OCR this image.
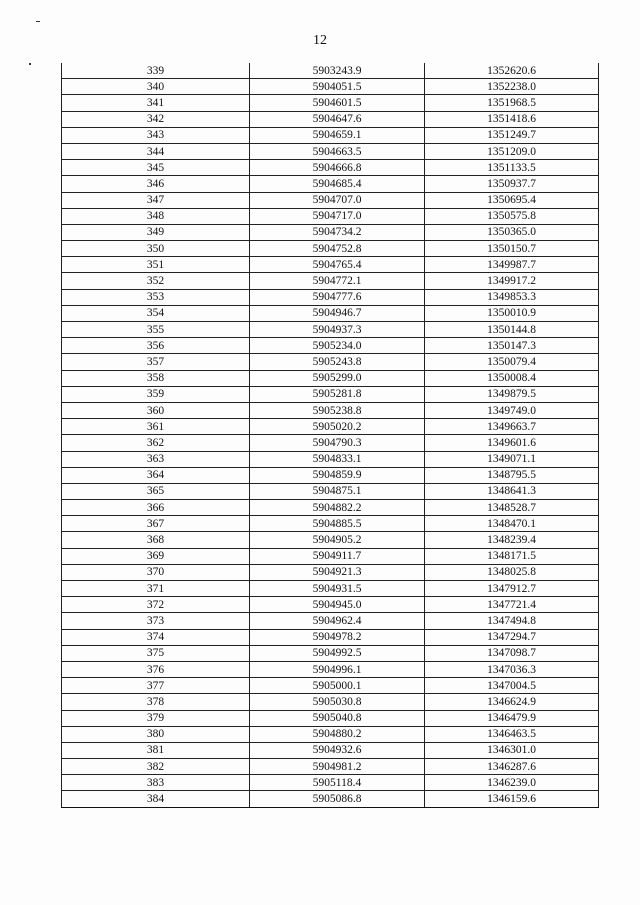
12
339	5903243.9	1352620.6
340	5904051.5	1352238.0
341	5904601.5	1351968.5
342	5904647.6	1351418.6
343	5904659.1	1351249.7
344	5904663.5	1351209.0
345	5904666.8	1351133.5
346	5904685.4	1350937.7
347	5904707.0	1350695.4
348	5904717.0	1350575.8
349	5904734.2	1350365.0
350	5904752.8	1350150.7
351	5904765.4	1349987.7
352	5904772.1	1349917.2
353	5904777.6	1349853.3
354	5904946.7	1350010.9
355	5904937.3	1350144.8
356	5905234.0	1350147.3
357	5905243.8	1350079.4
358	5905299.0	1350008.4
359	5905281.8	1349879.5
360	5905238.8	1349749.0
361	5905020.2	1349663.7
362	5904790.3	1349601.6
363	5904833.1	1349071.1
364	5904859.9	1348795.5
365	5904875.1	1348641.3
366	5904882.2	1348528.7
367	5904885.5	1348470.1
368	5904905.2	1348239.4
369	5904911.7	1348171.5
370	5904921.3	1348025.8
371	5904931.5	1347912.7
372	5904945.0	1347721.4
373	5904962.4	1347494.8
374	5904978.2	1347294.7
375	5904992.5	1347098.7
376	5904996.1	1347036.3
377	5905000.1	1347004.5
378	5905030.8	1346624.9
379	5905040.8	1346479.9
380	5904880.2	1346463.5
381	5904932.6	1346301.0
382	5904981.2	1346287.6
383	5905118.4	1346239.0
384	5905086.8	1346159.6
